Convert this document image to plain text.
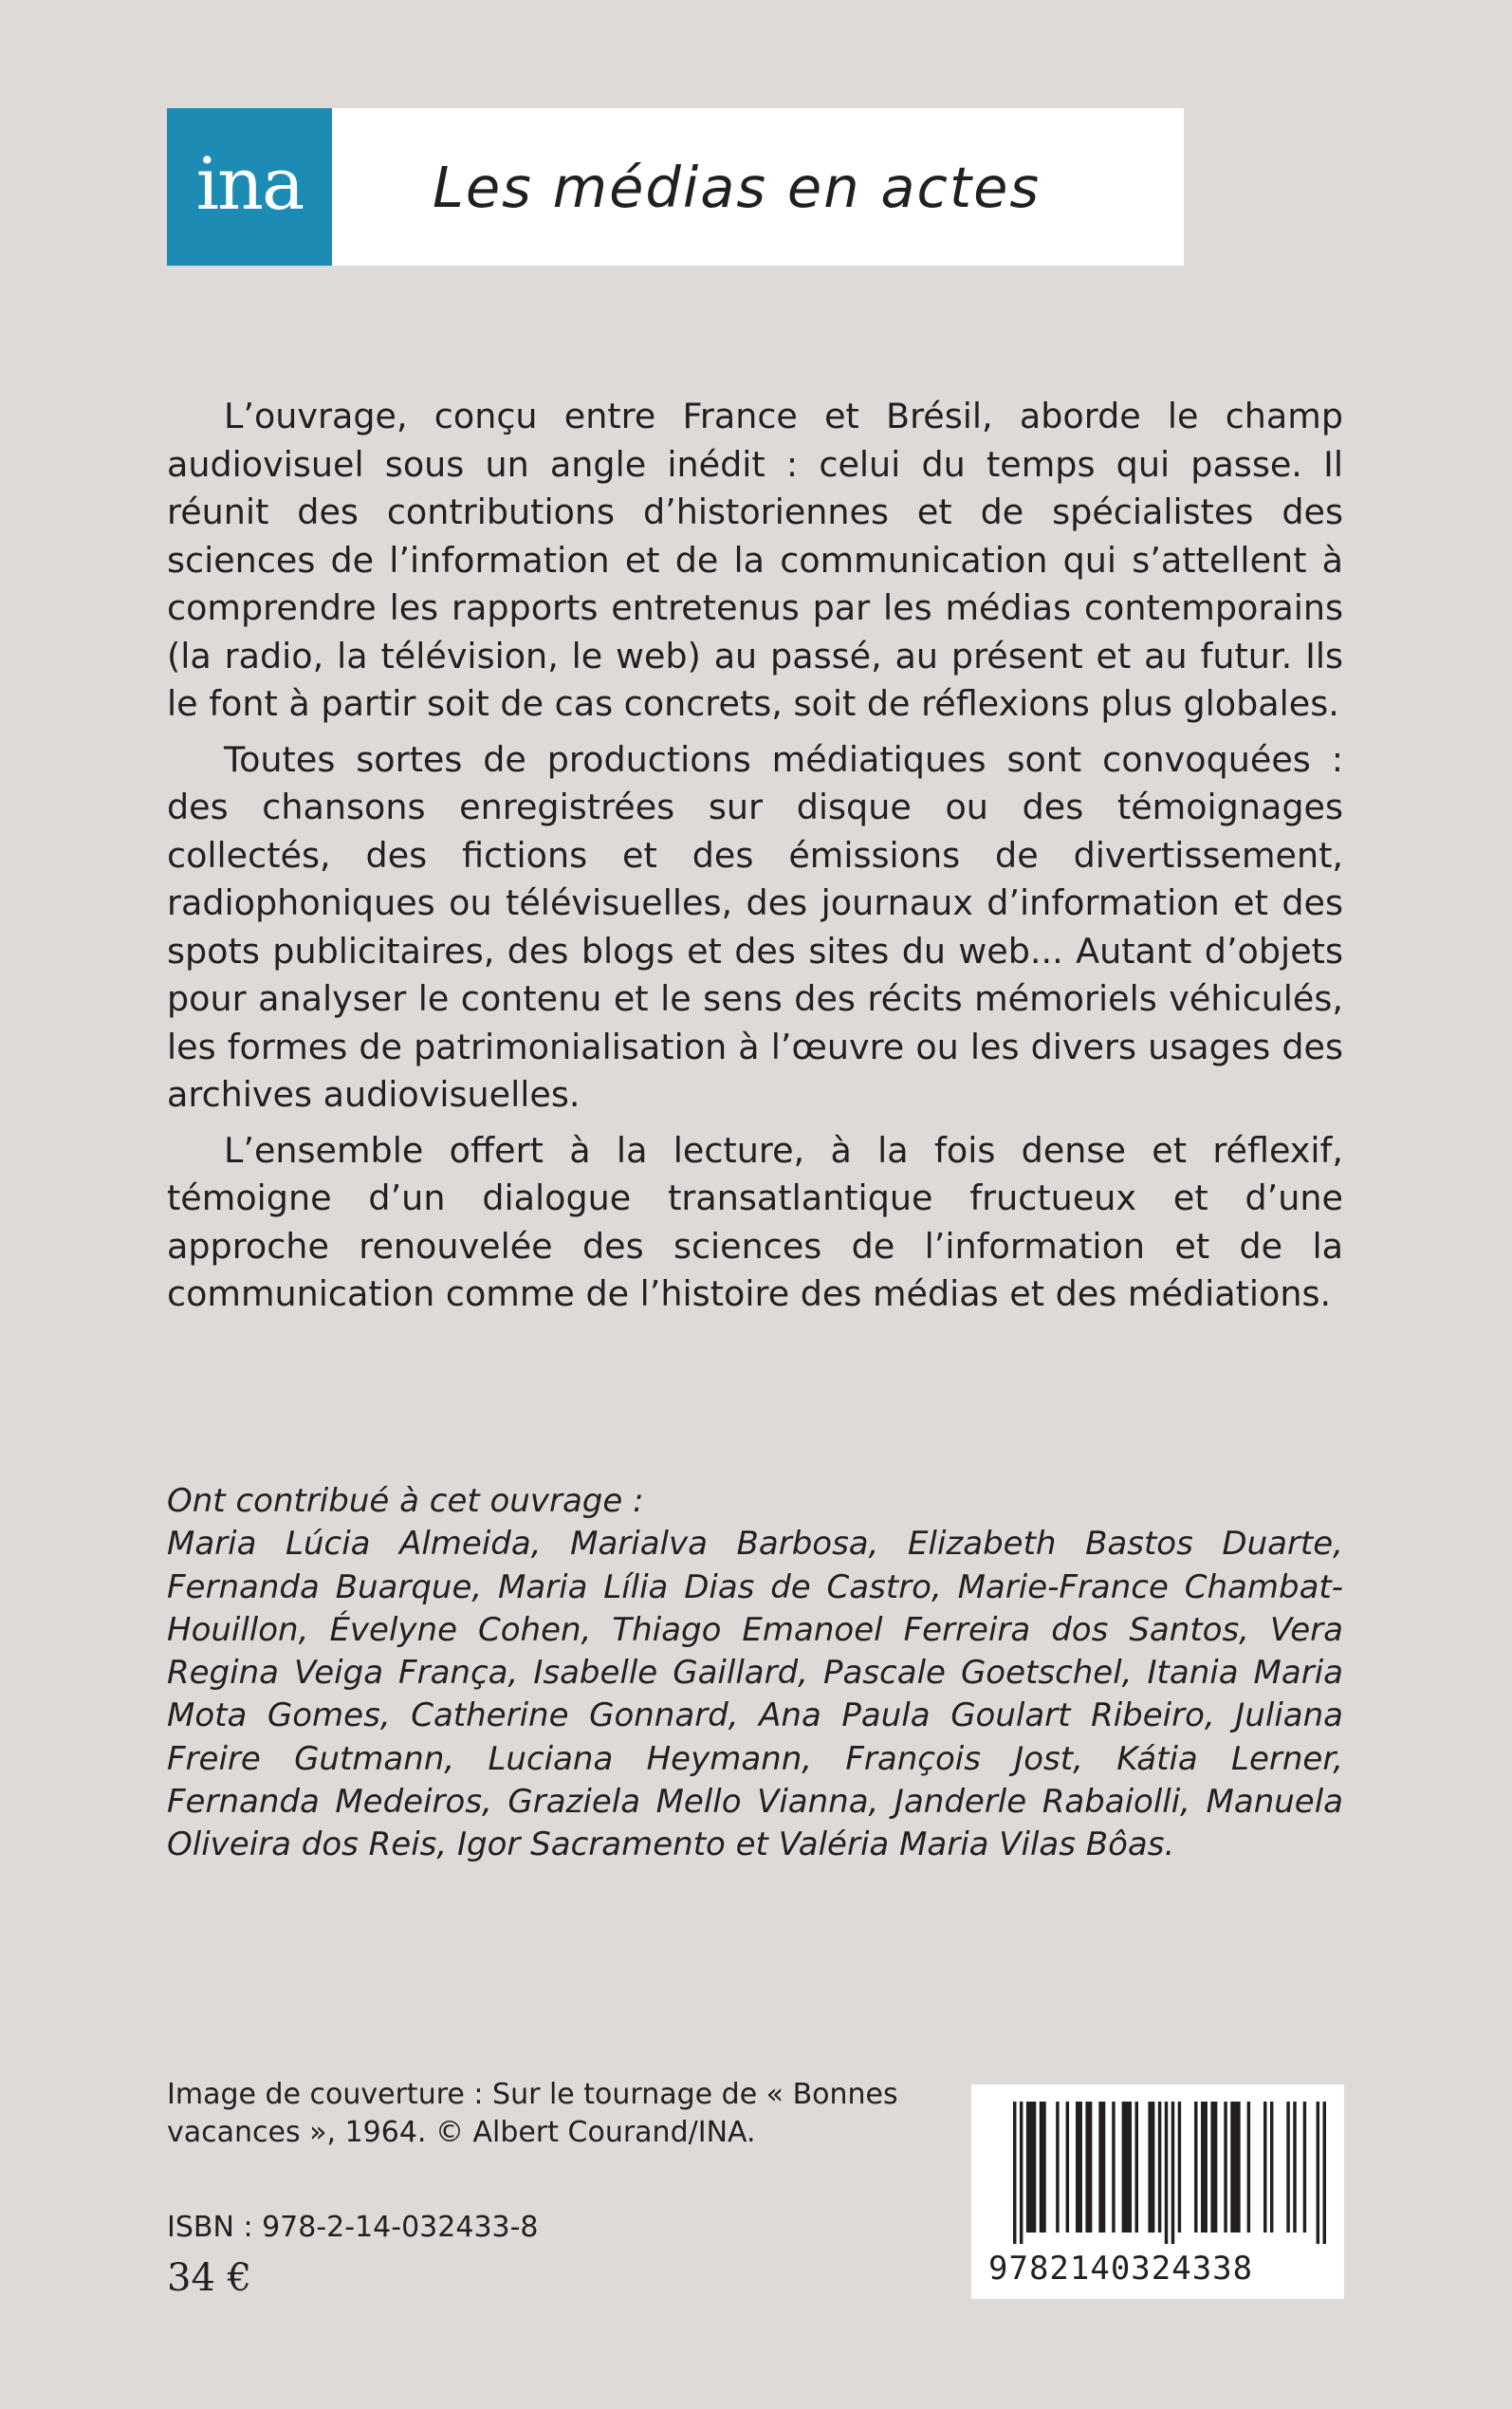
ina	Les médias en actes

L’ouvrage, conçu entre France et Brésil, aborde le champ audiovisuel sous un angle inédit : celui du temps qui passe. Il réunit des contributions d’historiennes et de spécialistes des sciences de l’information et de la communication qui s’attellent à comprendre les rapports entretenus par les médias contemporains (la radio, la télévision, le web) au passé, au présent et au futur. Ils le font à partir soit de cas concrets, soit de réflexions plus globales.

Toutes sortes de productions médiatiques sont convoquées : des chansons enregistrées sur disque ou des témoignages collectés, des fictions et des émissions de divertissement, radiophoniques ou télévisuelles, des journaux d’information et des spots publicitaires, des blogs et des sites du web... Autant d’objets pour analyser le contenu et le sens des récits mémoriels véhiculés, les formes de patrimonialisation à l’œuvre ou les divers usages des archives audiovisuelles.

L’ensemble offert à la lecture, à la fois dense et réflexif, témoigne d’un dialogue transatlantique fructueux et d’une approche renouvelée des sciences de l’information et de la communication comme de l’histoire des médias et des médiations.

Ont contribué à cet ouvrage :
Maria Lúcia Almeida, Marialva Barbosa, Elizabeth Bastos Duarte, Fernanda Buarque, Maria Lília Dias de Castro, Marie-France Chambat-Houillon, Évelyne Cohen, Thiago Emanoel Ferreira dos Santos, Vera Regina Veiga França, Isabelle Gaillard, Pascale Goetschel, Itania Maria Mota Gomes, Catherine Gonnard, Ana Paula Goulart Ribeiro, Juliana Freire Gutmann, Luciana Heymann, François Jost, Kátia Lerner, Fernanda Medeiros, Graziela Mello Vianna, Janderle Rabaiolli, Manuela Oliveira dos Reis, Igor Sacramento et Valéria Maria Vilas Bôas.
Image de couverture : Sur le tournage de « Bonnes vacances », 1964. © Albert Courand/INA.
ISBN : 978-2-14-032433-8
34 €	9782140324338
